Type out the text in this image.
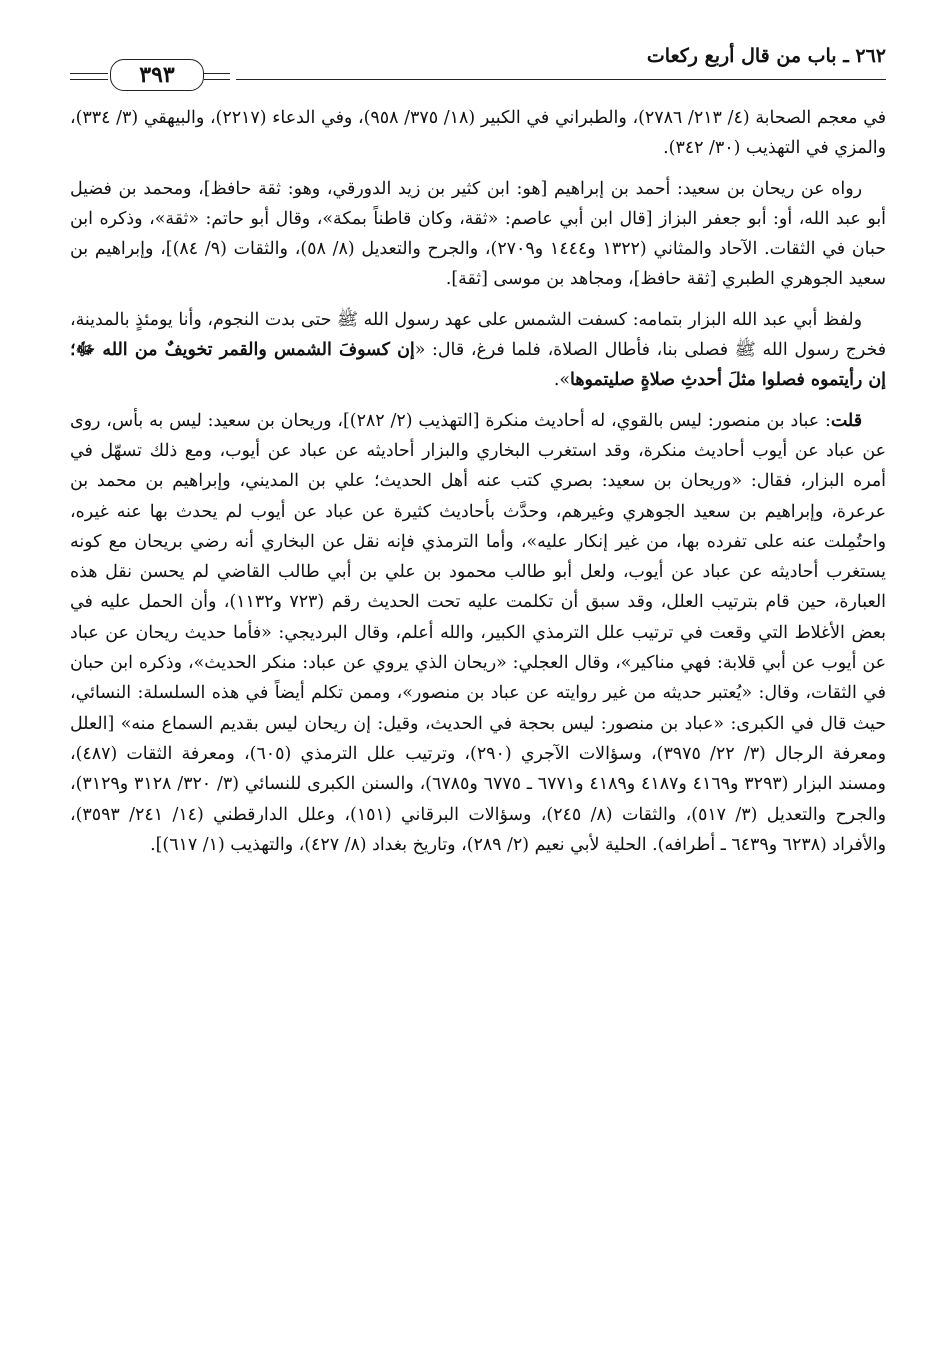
٢٦٢ ـ باب من قال أربع ركعات
٣٩٣

في معجم الصحابة (٤/ ٢١٣/ ٢٧٨٦)، والطبراني في الكبير (١٨/ ٣٧٥/ ٩٥٨)، وفي الدعاء (٢٢١٧)، والبيهقي (٣/ ٣٣٤)، والمزي في التهذيب (٣٠/ ٣٤٢).

رواه عن ريحان بن سعيد: أحمد بن إبراهيم [هو: ابن كثير بن زيد الدورقي، وهو: ثقة حافظ]، ومحمد بن فضيل أبو عبد الله، أو: أبو جعفر البزاز [قال ابن أبي عاصم: «ثقة، وكان قاطناً بمكة»، وقال أبو حاتم: «ثقة»، وذكره ابن حبان في الثقات. الآحاد والمثاني (١٣٢٢ و١٤٤٤ و٢٧٠٩)، والجرح والتعديل (٨/ ٥٨)، والثقات (٩/ ٨٤)]، وإبراهيم بن سعيد الجوهري الطبري [ثقة حافظ]، ومجاهد بن موسى [ثقة].

ولفظ أبي عبد الله البزار بتمامه: كسفت الشمس على عهد رسول الله ﷺ حتى بدت النجوم، وأنا يومئذٍ بالمدينة، فخرج رسول الله ﷺ فصلى بنا، فأطال الصلاة، فلما فرغ، قال: «إن كسوفَ الشمس والقمر تخويفٌ من الله ﷻ؛ إن رأيتموه فصلوا مثلَ أحدثِ صلاةٍ صليتموها».

قلت: عباد بن منصور: ليس بالقوي، له أحاديث منكرة [التهذيب (٢/ ٢٨٢)]، وريحان بن سعيد: ليس به بأس، روى عن عباد عن أيوب أحاديث منكرة، وقد استغرب البخاري والبزار أحاديثه عن عباد عن أيوب، ومع ذلك تسهّل في أمره البزار، فقال: «وريحان بن سعيد: بصري كتب عنه أهل الحديث؛ علي بن المديني، وإبراهيم بن محمد بن عرعرة، وإبراهيم بن سعيد الجوهري وغيرهم، وحدَّث بأحاديث كثيرة عن عباد عن أيوب لم يحدث بها عنه غيره، واحتُمِلت عنه على تفرده بها، من غير إنكار عليه»، وأما الترمذي فإنه نقل عن البخاري أنه رضي بريحان مع كونه يستغرب أحاديثه عن عباد عن أيوب، ولعل أبو طالب محمود بن علي بن أبي طالب القاضي لم يحسن نقل هذه العبارة، حين قام بترتيب العلل، وقد سبق أن تكلمت عليه تحت الحديث رقم (٧٢٣ و١١٣٢)، وأن الحمل عليه في بعض الأغلاط التي وقعت في ترتيب علل الترمذي الكبير، والله أعلم، وقال البرديجي: «فأما حديث ريحان عن عباد عن أيوب عن أبي قلابة: فهي مناكير»، وقال العجلي: «ريحان الذي يروي عن عباد: منكر الحديث»، وذكره ابن حبان في الثقات، وقال: «يُعتبر حديثه من غير روايته عن عباد بن منصور»، وممن تكلم أيضاً في هذه السلسلة: النسائي، حيث قال في الكبرى: «عباد بن منصور: ليس بحجة في الحديث، وقيل: إن ريحان ليس بقديم السماع منه» [العلل ومعرفة الرجال (٣/ ٢٢/ ٣٩٧٥)، وسؤالات الآجري (٢٩٠)، وترتيب علل الترمذي (٦٠٥)، ومعرفة الثقات (٤٨٧)، ومسند البزار (٣٢٩٣ و٤١٦٩ و٤١٨٧ و٤١٨٩ و٦٧٧١ ـ ٦٧٧٥ و٦٧٨٥)، والسنن الكبرى للنسائي (٣/ ٣٢٠/ ٣١٢٨ و٣١٢٩)، والجرح والتعديل (٣/ ٥١٧)، والثقات (٨/ ٢٤٥)، وسؤالات البرقاني (١٥١)، وعلل الدارقطني (١٤/ ٢٤١/ ٣٥٩٣)، والأفراد (٦٢٣٨ و٦٤٣٩ ـ أطرافه). الحلية لأبي نعيم (٢/ ٢٨٩)، وتاريخ بغداد (٨/ ٤٢٧)، والتهذيب (١/ ٦١٧)].
